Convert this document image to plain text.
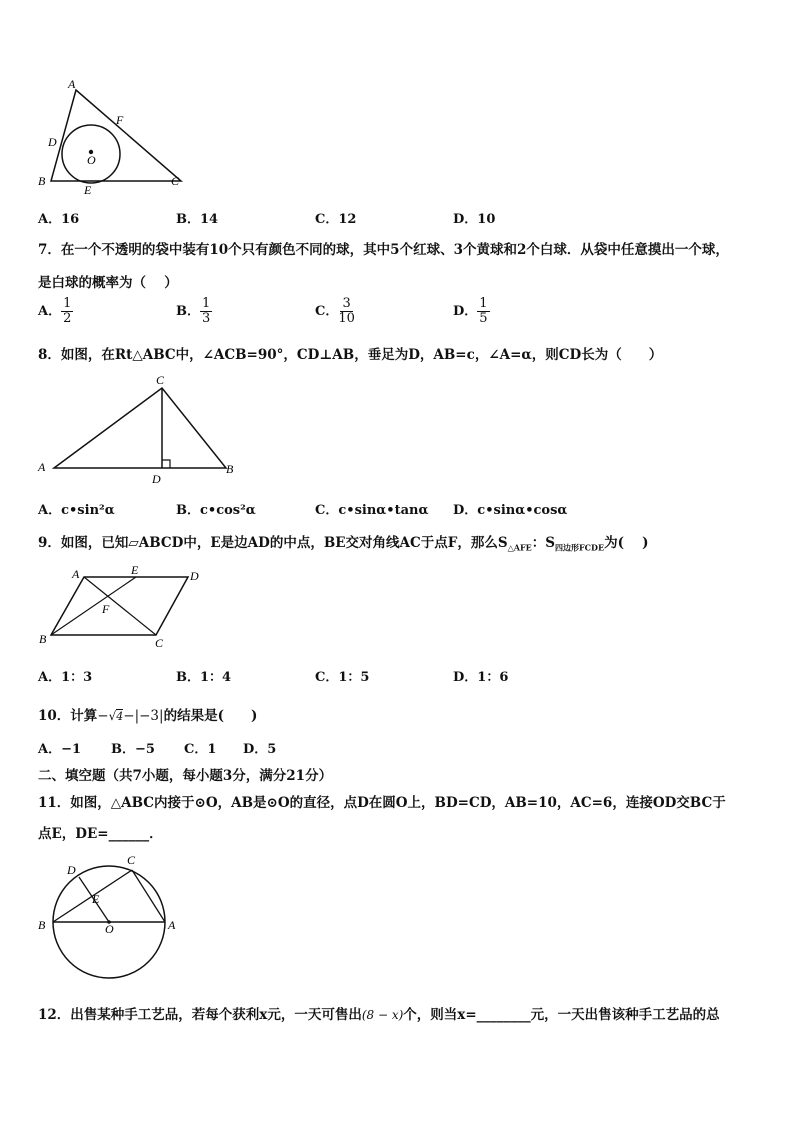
A
F
D
O
B
E
C
A．16	B．14	C．12	D．10
7．在一个不透明的袋中装有10个只有颜色不同的球，其中5个红球、3个黄球和2个白球．从袋中任意摸出一个球，
是白球的概率为（　 ）
A． $\frac{1}{2}$	B． $\frac{1}{3}$	C． $\frac{3}{10}$	D． $\frac{1}{5}$
8．如图，在Rt△ABC中，∠ACB=90°，CD⊥AB，垂足为D，AB=c，∠A=α，则CD长为（　　）
C
A	B
D
A．c•sin²α	B．c•cos²α	C．c•sinα•tanα D．c•sinα•cosα
9．如图，已知▱ABCD中，E是边AD的中点，BE交对角线AC于点F，那么$S_{\triangle AFE}$：$S_{四边形FCDE}$为(　 )
A	E	D
F
B	C
A．1：3	B．1：4	C．1：5	D．1：6
10．计算−√4−|−3|的结果是(　　)
A．−1 B．−5 C．1 D．5
二、填空题（共7小题，每小题3分，满分21分）
11．如图，△ABC内接于⊙O，AB是⊙O的直径，点D在圆O上，BD=CD，AB=10，AC=6，连接OD交BC于
点E，DE=______．
D
C
E
B	O	A
12．出售某种手工艺品，若每个获利x元，一天可售出(8 − x)个，则当x=________元，一天出售该种手工艺品的总
